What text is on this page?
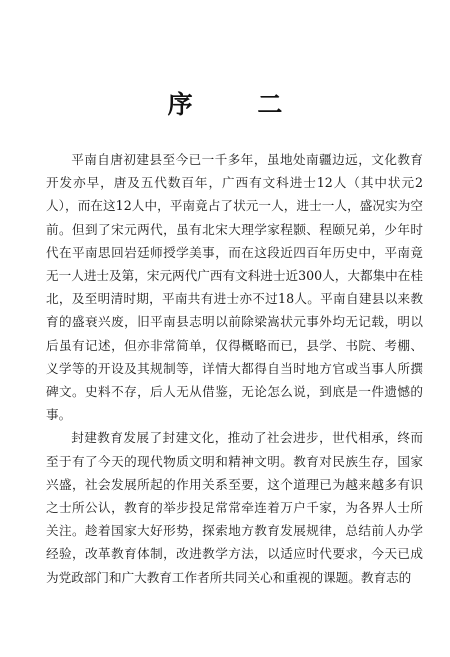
序 二

平南自唐初建县至今已一千多年，虽地处南疆边远，文化教育开发亦早，唐及五代数百年，广西有文科进士12人（其中状元2人），而在这12人中，平南竟占了状元一人，进士一人，盛况实为空前。但到了宋元两代，虽有北宋大理学家程颢、程颐兄弟，少年时代在平南思回岩廷师授学美事，而在这段近四百年历史中，平南竟无一人进士及第，宋元两代广西有文科进士近300人，大都集中在桂北，及至明清时期，平南共有进士亦不过18人。平南自建县以来教育的盛衰兴废，旧平南县志明以前除梁嵩状元事外均无记载，明以后虽有记述，但亦非常简单，仅得概略而已，县学、书院、考棚、义学等的开设及其规制等，详情大都得自当时地方官或当事人所撰碑文。史料不存，后人无从借鉴，无论怎么说，到底是一件遗憾的事。

封建教育发展了封建文化，推动了社会进步，世代相承，终而至于有了今天的现代物质文明和精神文明。教育对民族生存，国家兴盛，社会发展所起的作用关系至要，这个道理已为越来越多有识之士所公认，教育的举步投足常常牵连着万户千家，为各界人士所关注。趁着国家大好形势，探索地方教育发展规律，总结前人办学经验，改革教育体制，改进教学方法，以适应时代要求，今天已成为党政部门和广大教育工作者所共同关心和重视的课题。教育志的
